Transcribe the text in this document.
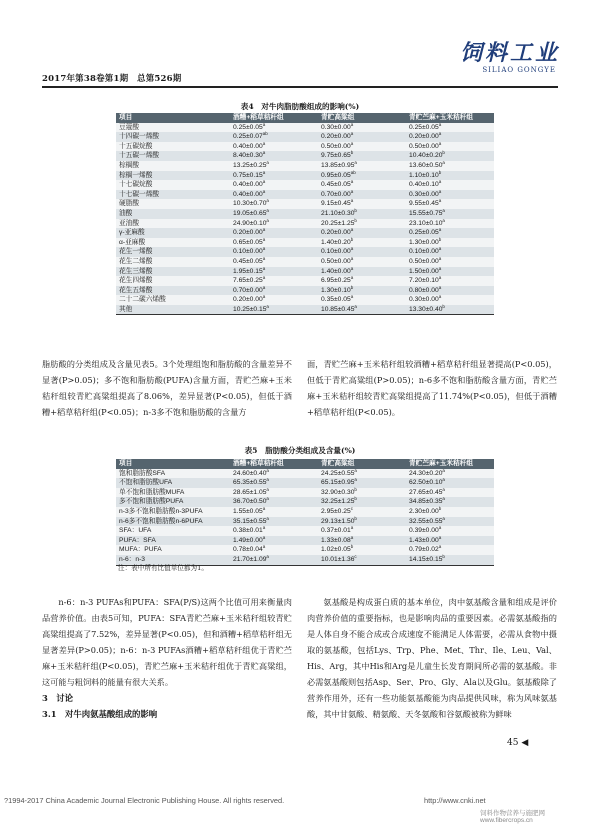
2017年第38卷第1期　总第526期
饲料工业
SILIAO GONGYE
表4　对牛肉脂肪酸组成的影响(%)
项目	酒糟+稻草秸秆组	青贮高粱组	青贮苎麻+玉米秸秆组
豆蔻酸	0.25±0.05$^a$	0.30±0.00$^a$	0.25±0.05$^a$
十四碳一烯酸	0.25±0.07$^{ab}$	0.20±0.00$^a$	0.20±0.00$^a$
十五碳烷酸	0.40±0.00$^a$	0.50±0.00$^a$	0.50±0.00$^a$
十五碳一烯酸	8.40±0.30$^a$	9.75±0.65$^b$	10.40±0.20$^b$
棕榈酸	13.25±0.25$^a$	13.85±0.95$^a$	13.60±0.50$^a$
棕榈一烯酸	0.75±0.15$^a$	0.95±0.05$^{ab}$	1.10±0.10$^b$
十七碳烷酸	0.40±0.00$^a$	0.45±0.05$^a$	0.40±0.10$^a$
十七碳一烯酸	0.40±0.00$^a$	0.70±0.00$^a$	0.30±0.00$^a$
硬脂酸	10.30±0.70$^a$	9.15±0.45$^a$	9.55±0.45$^a$
油酸	19.05±0.65$^a$	21.10±0.30$^b$	15.55±0.75$^a$
亚油酸	24.90±0.10$^a$	20.25±1.25$^b$	23.10±0.10$^a$
γ-亚麻酸	0.20±0.00$^a$	0.20±0.00$^a$	0.25±0.05$^a$
α-亚麻酸	0.65±0.05$^a$	1.40±0.20$^b$	1.30±0.00$^b$
花生一烯酸	0.10±0.00$^a$	0.10±0.00$^a$	0.10±0.00$^a$
花生二烯酸	0.45±0.05$^a$	0.50±0.00$^a$	0.50±0.00$^a$
花生三烯酸	1.95±0.15$^a$	1.40±0.00$^a$	1.50±0.00$^a$
花生四烯酸	7.65±0.25$^a$	6.95±0.25$^a$	7.20±0.10$^a$
花生五烯酸	0.70±0.00$^a$	1.30±0.10$^b$	0.80±0.00$^a$
二十二碳六烯酸	0.20±0.00$^a$	0.35±0.05$^a$	0.30±0.00$^a$
其他	10.25±0.15$^a$	10.85±0.45$^a$	13.30±0.40$^b$
脂肪酸的分类组成及含量见表5。3个处理组饱和脂肪酸的含量差异不显著(P>0.05)；多不饱和脂肪酸(PUFA)含量方面，青贮苎麻+玉米秸秆组较青贮高粱组提高了8.06%，差异显著(P<0.05)，但低于酒糟+稻草秸秆组(P<0.05)；n-3多不饱和脂肪酸的含量方
面，青贮苎麻+玉米秸秆组较酒糟+稻草秸秆组显著提高(P<0.05)，但低于青贮高粱组(P>0.05)；n-6多不饱和脂肪酸含量方面，青贮苎麻+玉米秸秆组较青贮高粱组提高了11.74%(P<0.05)，但低于酒糟+稻草秸秆组(P<0.05)。
表5　脂肪酸分类组成及含量(%)
项目	酒糟+稻草秸秆组	青贮高粱组	青贮苎麻+玉米秸秆组
饱和脂肪酸SFA	24.60±0.40$^a$	24.25±0.55$^a$	24.30±0.20$^a$
不饱和脂肪酸UFA	65.35±0.55$^a$	65.15±0.95$^a$	62.50±0.10$^a$
单不饱和脂肪酸MUFA	28.65±1.05$^a$	32.90±0.30$^b$	27.65±0.45$^a$
多不饱和脂肪酸PUFA	36.70±0.50$^a$	32.25±1.25$^b$	34.85±0.35$^a$
n-3多不饱和脂肪酸n-3PUFA	1.55±0.05$^a$	2.95±0.25$^c$	2.30±0.00$^b$
n-6多不饱和脂肪酸n-6PUFA	35.15±0.55$^a$	29.13±1.50$^b$	32.55±0.55$^a$
SFA：UFA	0.38±0.01$^a$	0.37±0.01$^a$	0.39±0.00$^a$
PUFA：SFA	1.49±0.00$^a$	1.33±0.08$^a$	1.43±0.00$^a$
MUFA：PUFA	0.78±0.04$^a$	1.02±0.05$^b$	0.79±0.02$^a$
n-6：n-3	21.70±1.09$^a$	10.01±1.36$^c$	14.15±0.15$^b$
注：表中所有比值单位都为1。
n-6：n-3 PUFAs和PUFA：SFA(P/S)这两个比值可用来衡量肉品营养价值。由表5可知，PUFA：SFA青贮苎麻+玉米秸秆组较青贮高粱组提高了7.52%，差异显著(P<0.05)，但和酒糟+稻草秸秆组无显著差异(P>0.05)；n-6：n-3 PUFAs酒糟+稻草秸秆组优于青贮苎麻+玉米秸秆组(P<0.05)，青贮苎麻+玉米秸秆组优于青贮高粱组，这可能与粗饲料的能量有很大关系。
3　讨论
3.1　对牛肉氨基酸组成的影响
氨基酸是构成蛋白质的基本单位，肉中氨基酸含量和组成是评价肉营养价值的重要指标，也是影响肉品的重要因素。必需氨基酸指的是人体自身不能合成或合成速度不能满足人体需要，必需从食物中摄取的氨基酸，包括Lys、Trp、Phe、Met、Thr、Ile、Leu、Val、His、Arg，其中His和Arg是儿童生长发育期间所必需的氨基酸。非必需氨基酸则包括Asp、Ser、Pro、Gly、Ala以及Glu。氨基酸除了营养作用外，还有一些功能氨基酸能为肉品提供风味，称为风味氨基酸，其中甘氨酸、精氨酸、天冬氨酸和谷氨酸被称为鲜味
45 ◀
?1994-2017 China Academic Journal Electronic Publishing House. All rights reserved.	http://www.cnki.net
饲料作物营养与施肥网 www.fibercrops.cn
